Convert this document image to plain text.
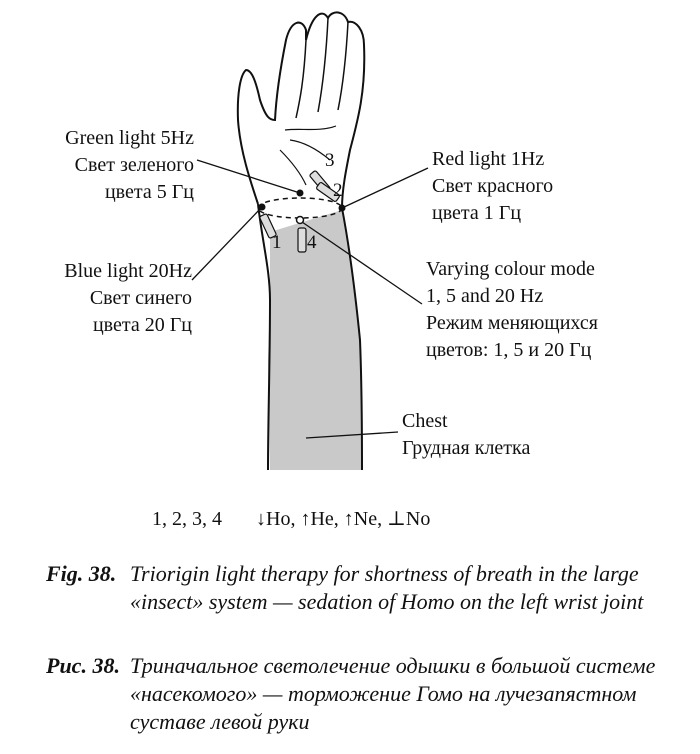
3
2
1 4
Green light 5Hz
Свет зеленого
цвета 5 Гц
Red light 1Hz
Свет красного
цвета 1 Гц
Blue light 20Hz
Свет синего
цвета 20 Гц
Varying colour mode
1, 5 and 20 Hz
Режим меняющихся
цветов: 1, 5 и 20 Гц
Chest
Грудная клетка
1, 2, 3, 4 ↓Ho, ↑He, ↑Ne, ⊥No
Fig. 38. Triorigin light therapy for shortness of breath in the large «insect» system — sedation of Homo on the left wrist joint
Рис. 38. Триначальное светолечение одышки в большой системе «насекомого» — торможение Гомо на лучезапястном суставе левой руки
